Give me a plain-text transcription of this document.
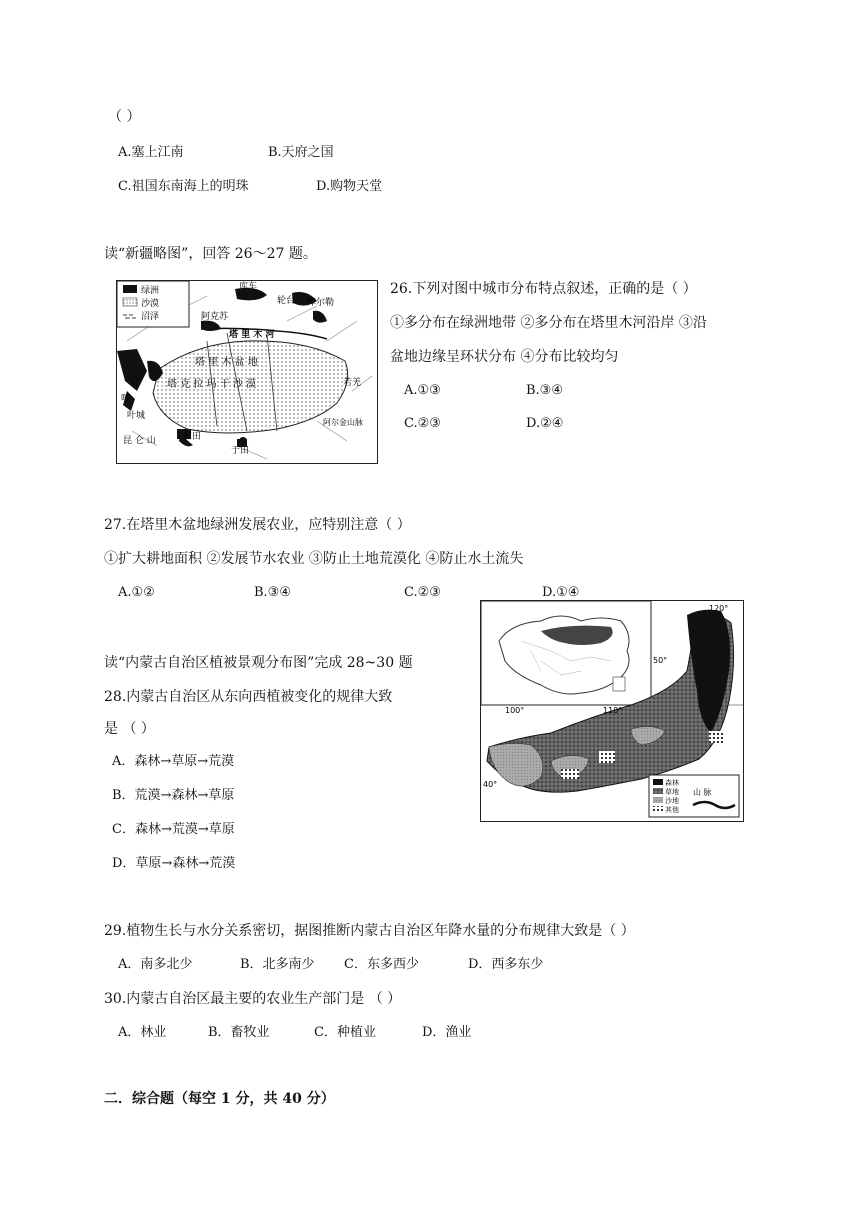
（ ）
A.塞上江南	B.天府之国
C.祖国东南海上的明珠	D.购物天堂
读“新疆略图”，回答 26～27 题。
绿洲
沙漠
沼泽
库车
轮台 库尔勒
阿克苏
塔 里 木 河
塔 里 木 盆 地
塔 克 拉 玛 干 沙 漠	若羌
喀
叶城
和田
于田
昆 仑 山
阿尔金山脉
26.下列对图中城市分布特点叙述，正确的是（ ）
①多分布在绿洲地带 ②多分布在塔里木河沿岸 ③沿
盆地边缘呈环状分布 ④分布比较均匀
A.①③	B.③④
C.②③	D.②④
27.在塔里木盆地绿洲发展农业，应特别注意（ ）
①扩大耕地面积 ②发展节水农业 ③防止土地荒漠化 ④防止水土流失
A.①②	B.③④	C.②③	D.①④
120°
50°
100°	110°
40°	森林
草地
沙地
其他
山 脉
读“内蒙古自治区植被景观分布图”完成 28~30 题
28.内蒙古自治区从东向西植被变化的规律大致
是 （ ）
A．森林→草原→荒漠
B．荒漠→森林→草原
C．森林→荒漠→草原
D．草原→森林→荒漠
29.植物生长与水分关系密切，据图推断内蒙古自治区年降水量的分布规律大致是（ ）
A．南多北少	B．北多南少 C．东多西少	D．西多东少
30.内蒙古自治区最主要的农业生产部门是 （ ）
A．林业	B．畜牧业	C．种植业	D．渔业
二．综合题（每空 1 分，共 40 分）
